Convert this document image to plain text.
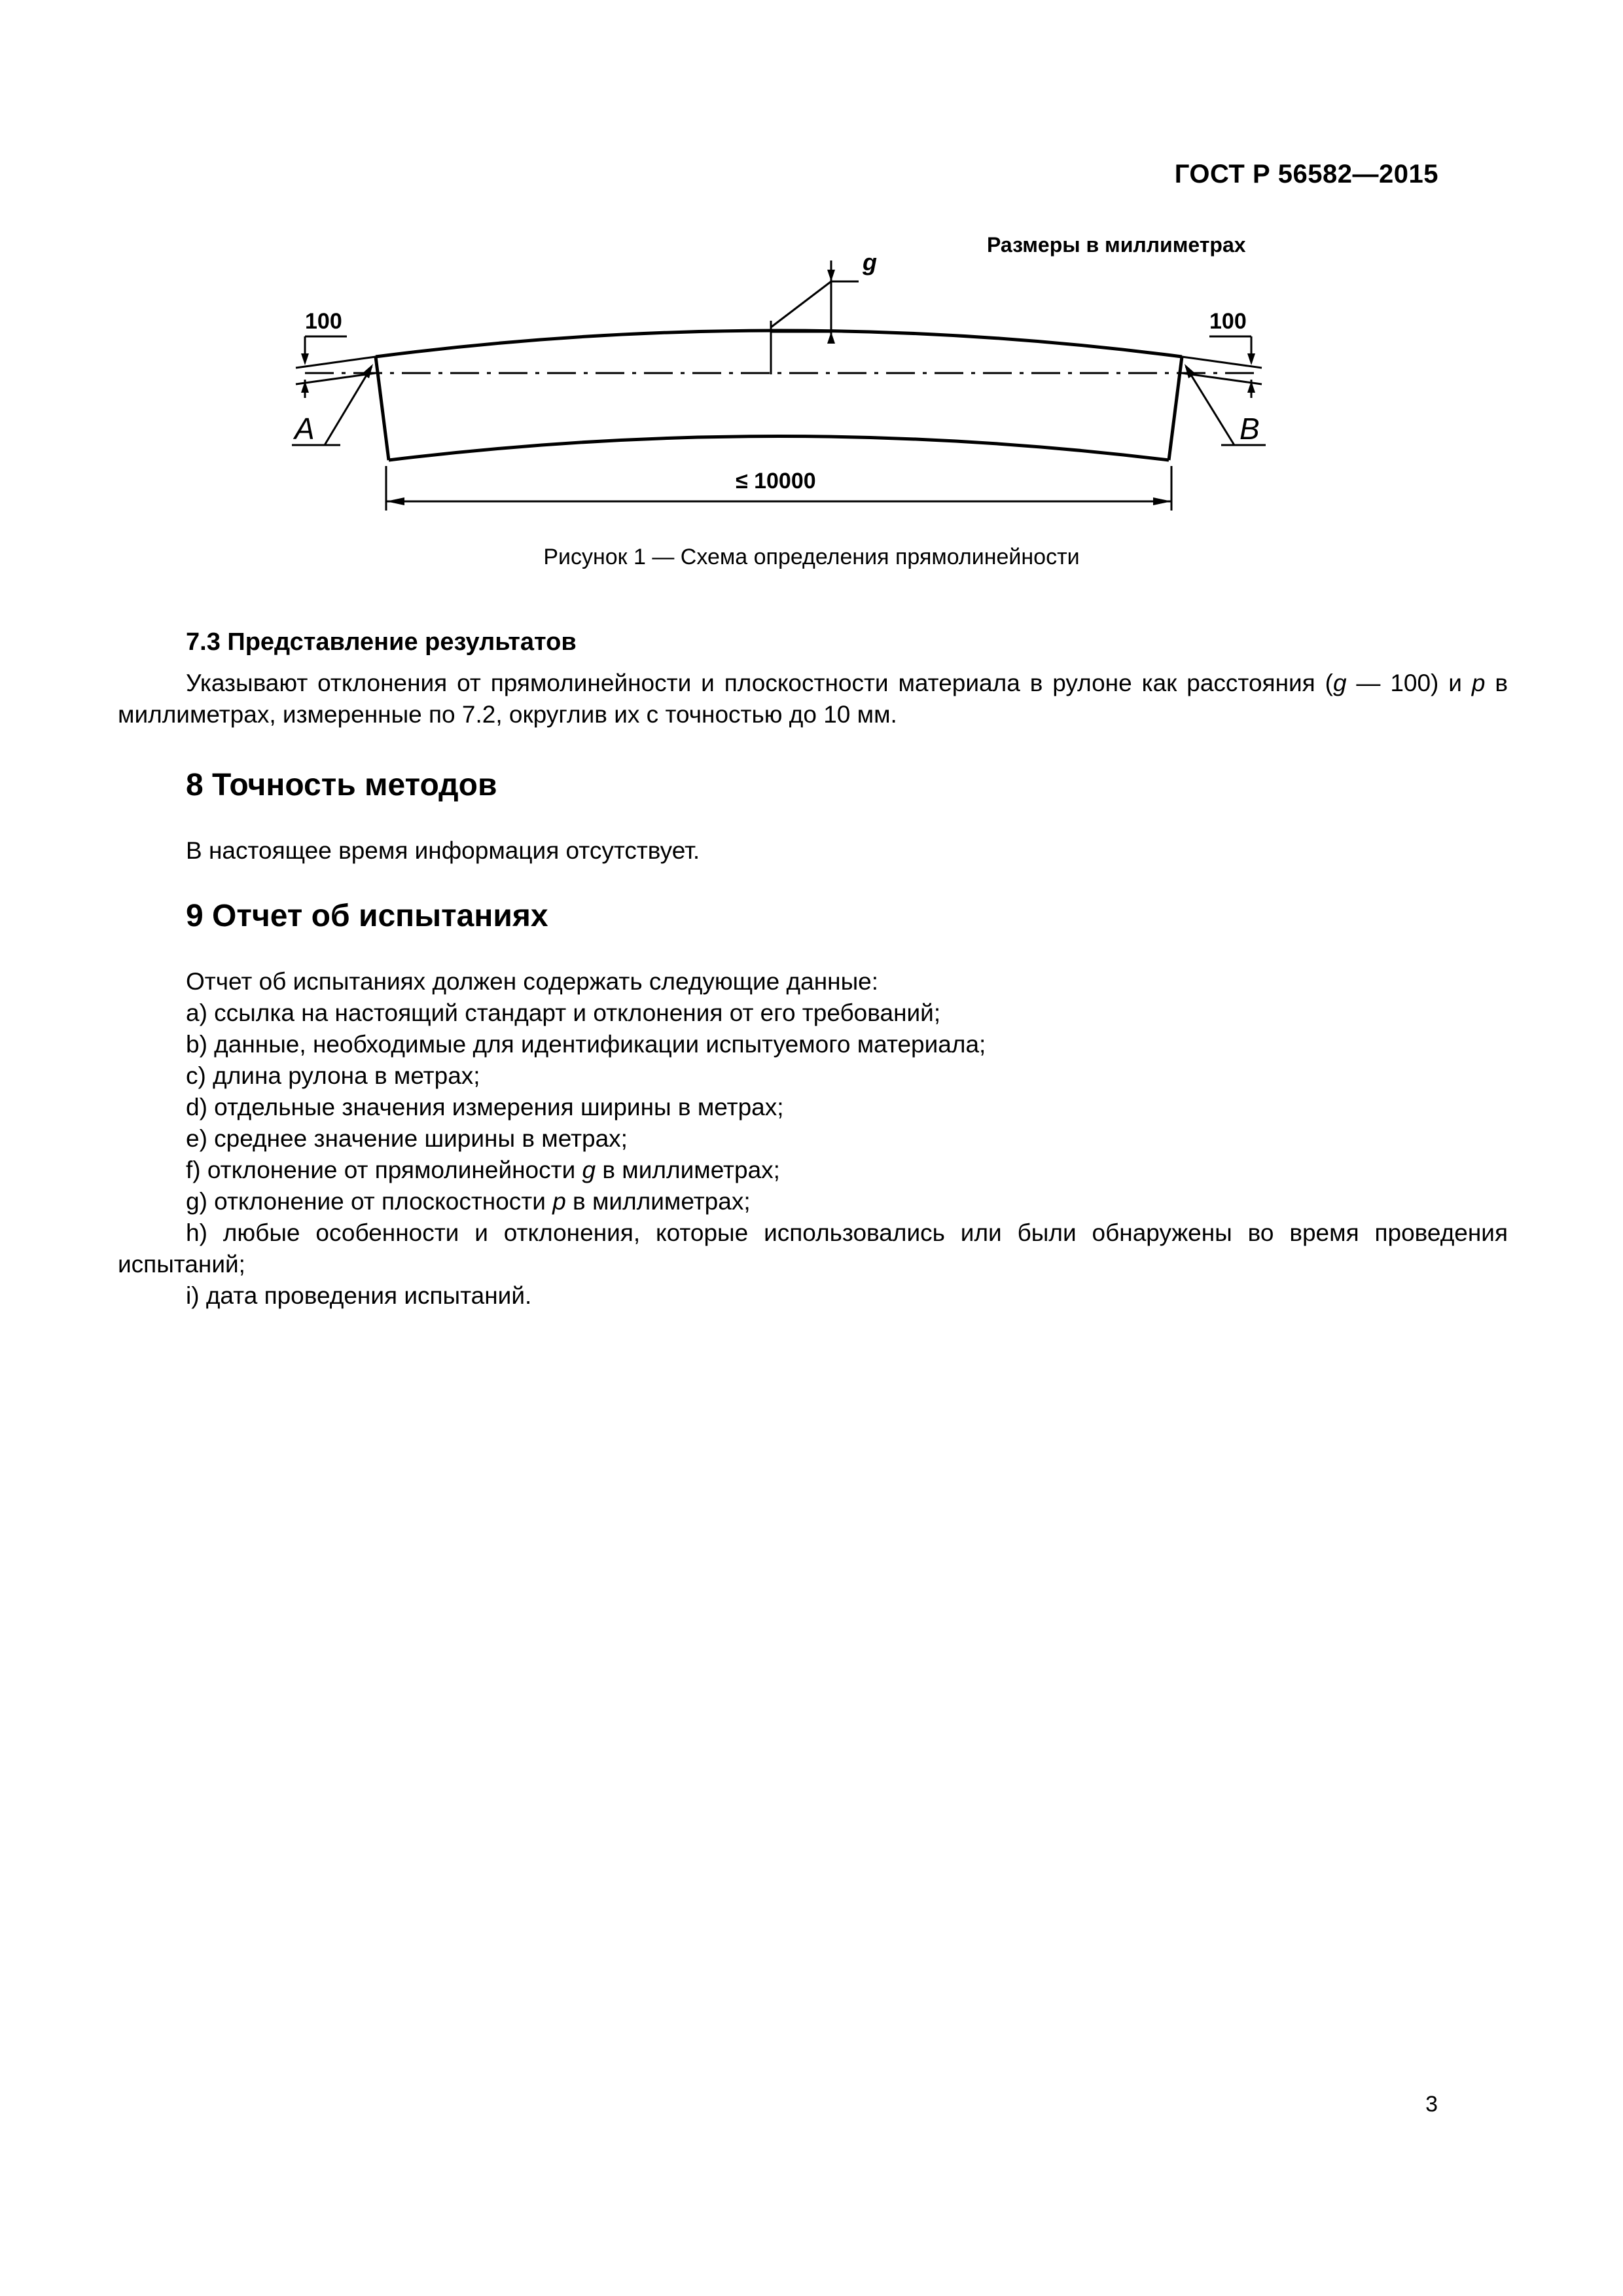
ГОСТ Р 56582—2015
Размеры в миллиметрах
g
100	100
А	В
≤ 10000
Рисунок 1 — Схема определения прямолинейности
7.3 Представление результатов
Указывают отклонения от прямолинейности и плоскостности материала в рулоне как расстояния (g — 100) и p в миллиметрах, измеренные по 7.2, округлив их с точностью до 10 мм.
8 Точность методов
В настоящее время информация отсутствует.
9 Отчет об испытаниях
Отчет об испытаниях должен содержать следующие данные:
a) ссылка на настоящий стандарт и отклонения от его требований;
b) данные, необходимые для идентификации испытуемого материала;
c) длина рулона в метрах;
d) отдельные значения измерения ширины в метрах;
e) среднее значение ширины в метрах;
f) отклонение от прямолинейности g в миллиметрах;
g) отклонение от плоскостности p в миллиметрах;
h) любые особенности и отклонения, которые использовались или были обнаружены во время проведения испытаний;
i) дата проведения испытаний.
3
